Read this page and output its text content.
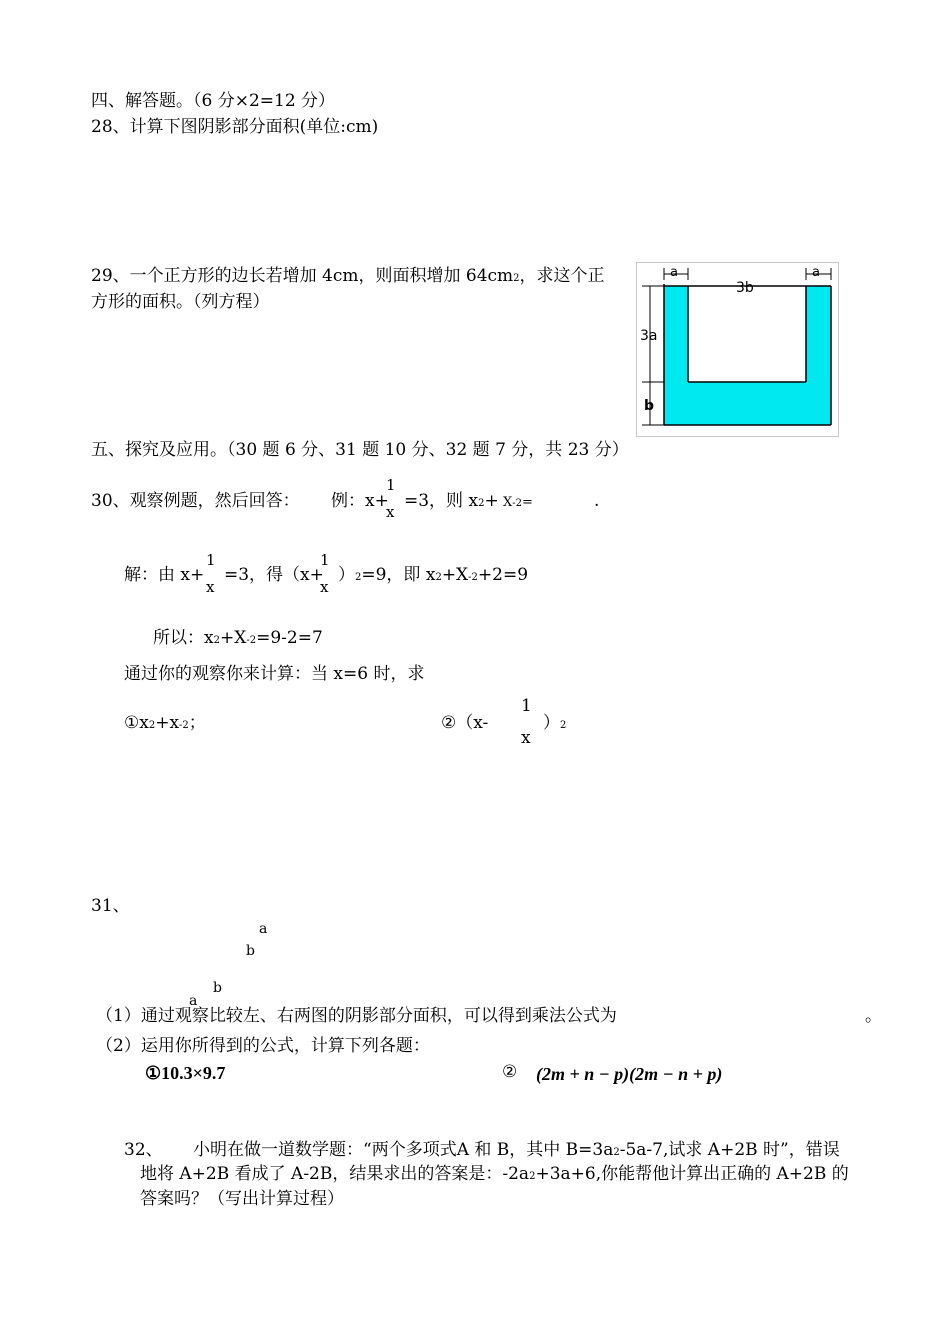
四、解答题。（6 分×2=12 分）
28、计算下图阴影部分面积(单位:cm)
29、一个正方形的边长若增加 4cm，则面积增加 64cm2，求这个正
方形的面积。（列方程）
a
3b
a
3a
b
五、探究及应用。（30 题 6 分、31 题 10 分、32 题 7 分，共 23 分）
30、观察例题，然后回答： 例：x+
1
x
=3，则 x2+ X-2=	.
解：由 x+
1
x
=3，得（x+
1
x
）2=9，即 x2+X-2+2=9
所以：x2+X-2=9-2=7
通过你的观察你来计算：当 x=6 时，求
①x2+x-2；	②（x-
1
x
）2
31、
a
b
b
a
（1）通过观察比较左、右两图的阴影部分面积，可以得到乘法公式为	。
（2）运用你所得到的公式，计算下列各题：
①10.3×9.7	② (2m + n − p)(2m − n + p)
32、 小明在做一道数学题：“两个多项式A 和 B，其中 B=3a2-5a-7,试求 A+2B 时”，错误
地将 A+2B 看成了 A-2B，结果求出的答案是：-2a2+3a+6,你能帮他计算出正确的 A+2B 的
答案吗？（写出计算过程）
